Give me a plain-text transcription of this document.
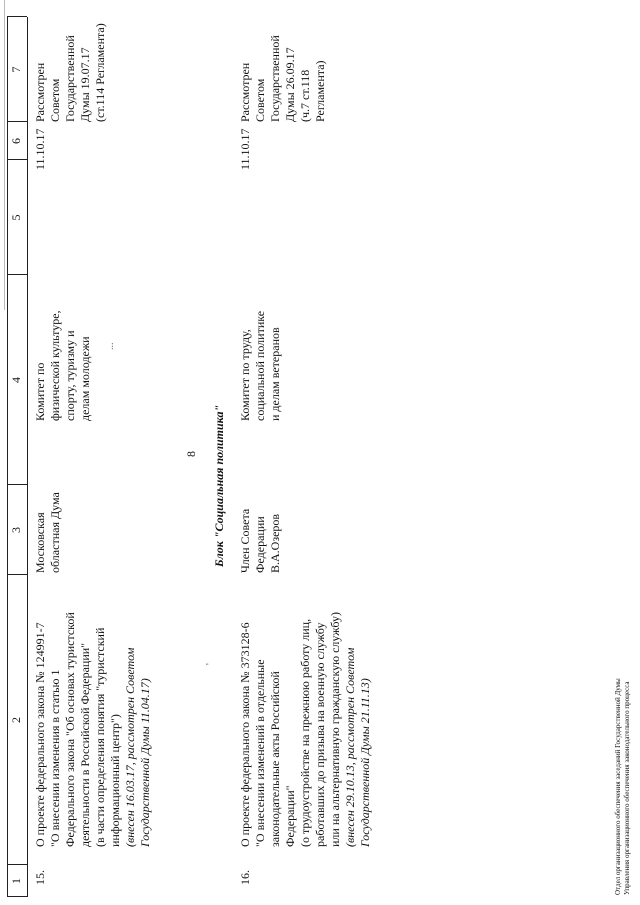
8
1
2
3
4
5
6
7
15.
О проекте федерального закона № 124991-7
"О внесении изменения в статью 1
Федерального закона "Об основах туристской
деятельности в Российской Федерации"
(в части определения понятия "туристский
информационный центр")
(внесен 16.03.17, рассмотрен Советом
Государственной Думы 11.04.17)
Московская
областная Дума
Комитет по
физической культуре,
спорту, туризму и
делам молодежи
11.10.17
Рассмотрен
Советом
Государственной
Думы 19.07.17
(ст.114 Регламента)
...
'
Блок "Социальная политика"
16.
О проекте федерального закона № 373128-6
"О внесении изменений в отдельные
законодательные акты Российской
Федерации"
(о трудоустройстве на прежнюю работу лиц,
работавших до призыва на военную службу
или на альтернативную гражданскую службу)
(внесен 29.10.13, рассмотрен Советом
Государственной Думы 21.11.13)
Член Совета
Федерации
В.А.Озеров
Комитет по труду,
социальной политике
и делам ветеранов
11.10.17
Рассмотрен
Советом
Государственной
Думы 26.09.17
(ч.7 ст.118
Регламента)
Отдел организационного обеспечения заседаний Государственной Думы
Управления организационного обеспечения законодательного процесса
